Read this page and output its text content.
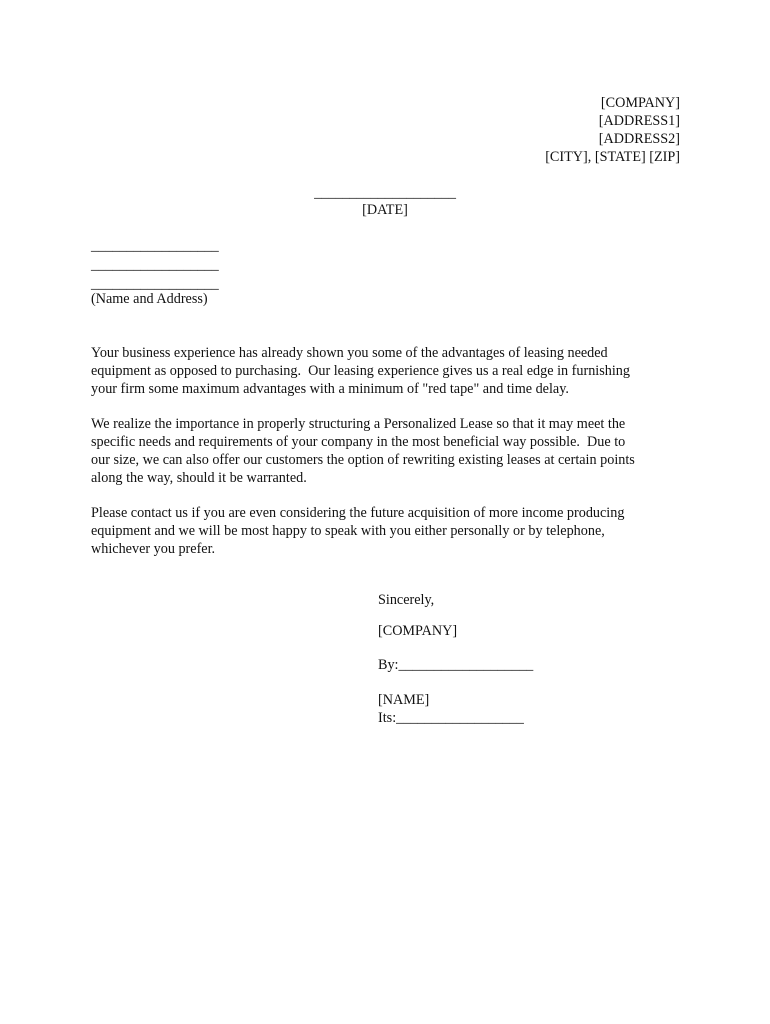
[COMPANY]
[ADDRESS1]
[ADDRESS2]
[CITY], [STATE] [ZIP]
____________________
[DATE]
__________________
__________________
__________________
(Name and Address)
Your business experience has already shown you some of the advantages of leasing needed
equipment as opposed to purchasing.  Our leasing experience gives us a real edge in furnishing
your firm some maximum advantages with a minimum of "red tape" and time delay.
We realize the importance in properly structuring a Personalized Lease so that it may meet the
specific needs and requirements of your company in the most beneficial way possible.  Due to
our size, we can also offer our customers the option of rewriting existing leases at certain points
along the way, should it be warranted.
Please contact us if you are even considering the future acquisition of more income producing
equipment and we will be most happy to speak with you either personally or by telephone,
whichever you prefer.
Sincerely,
[COMPANY]
By:___________________
[NAME]
Its:__________________
